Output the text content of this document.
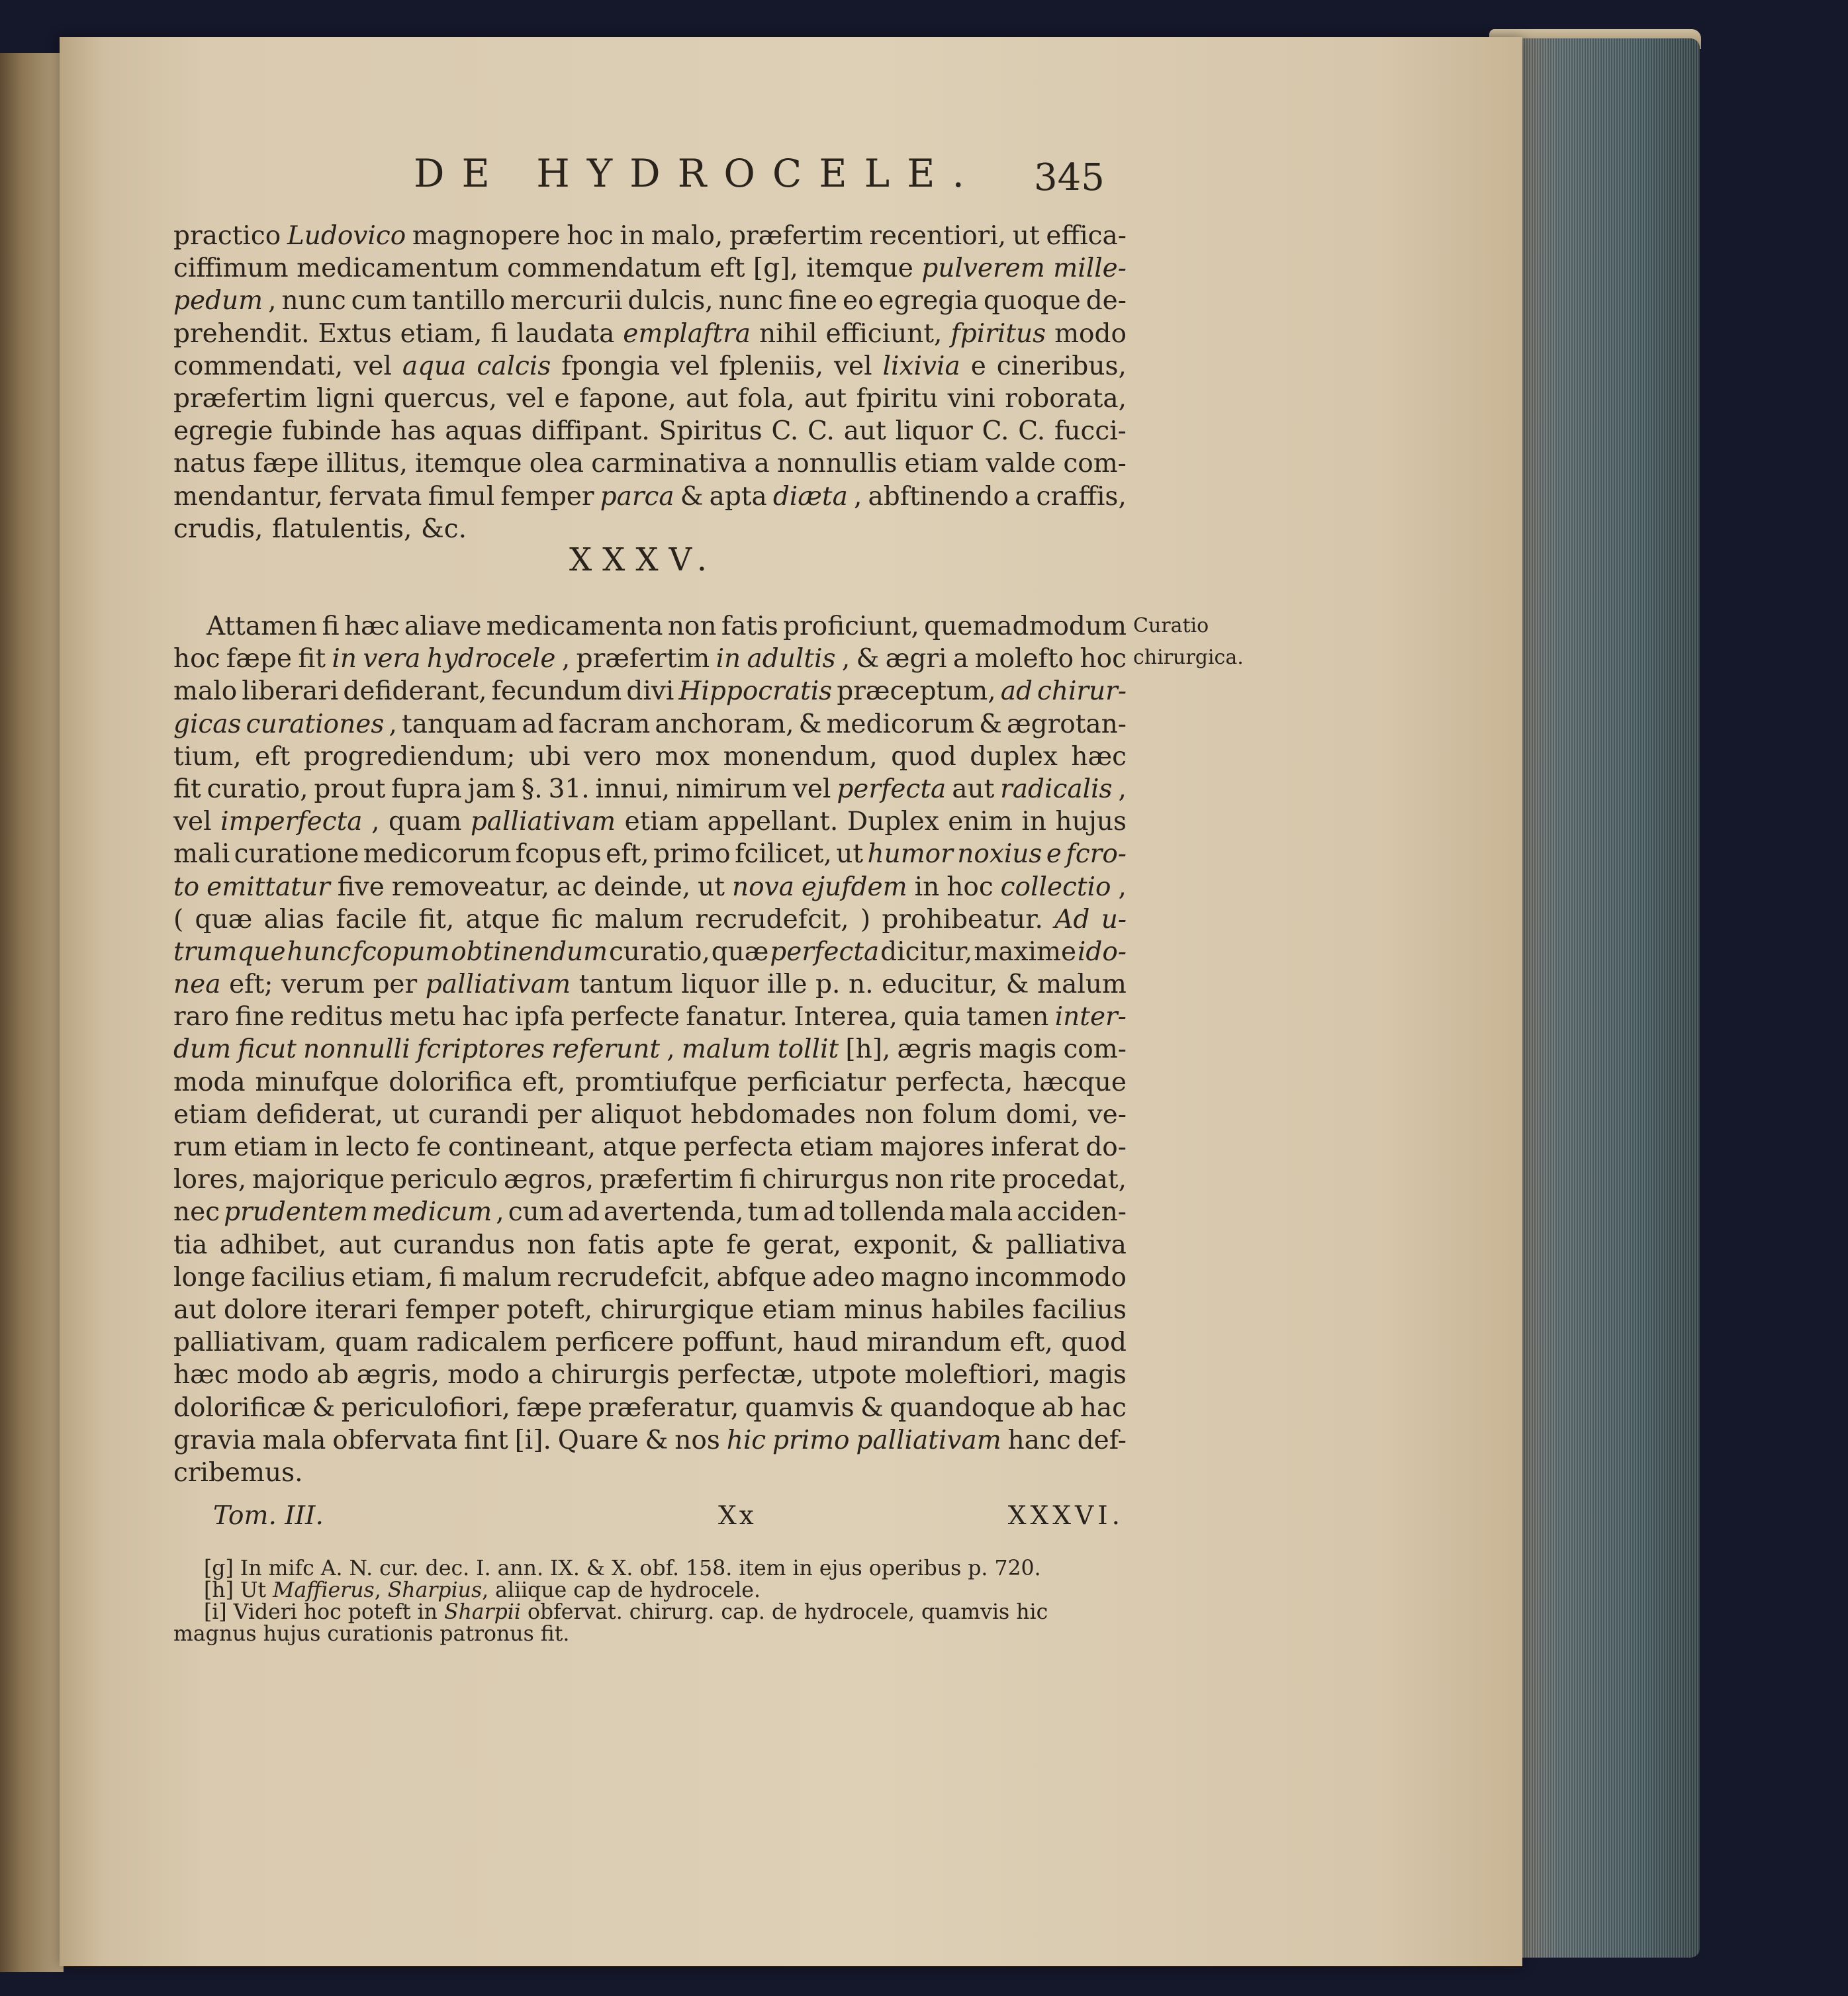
DE HYDROCELE. 345
practico Ludovico magnopere hoc in malo, præfertim recentiori, ut effica-
ciffimum medicamentum commendatum eft [g], itemque pulverem mille-
pedum , nunc cum tantillo mercurii dulcis, nunc fine eo egregia quoque de-
prehendit. Extus etiam, fi laudata emplaftra nihil efficiunt, fpiritus modo
commendati, vel aqua calcis fpongia vel fpleniis, vel lixivia e cineribus,
præfertim ligni quercus, vel e fapone, aut fola, aut fpiritu vini roborata,
egregie fubinde has aquas diffipant. Spiritus C. C. aut liquor C. C. fucci-
natus fæpe illitus, itemque olea carminativa a nonnullis etiam valde com-
mendantur, fervata fimul femper parca & apta diæta , abftinendo a craffis,
crudis, flatulentis, &c.
XXXV.
Curatio
chirurgica.
Attamen fi hæc aliave medicamenta non fatis proficiunt, quemadmodum
hoc fæpe fit in vera hydrocele , præfertim in adultis , & ægri a molefto hoc
malo liberari defiderant, fecundum divi Hippocratis præceptum, ad chirur-
gicas curationes , tanquam ad facram anchoram, & medicorum & ægrotan-
tium, eft progrediendum; ubi vero mox monendum, quod duplex hæc
fit curatio, prout fupra jam §. 31. innui, nimirum vel perfecta aut radicalis ,
vel imperfecta , quam palliativam etiam appellant. Duplex enim in hujus
mali curatione medicorum fcopus eft, primo fcilicet, ut humor noxius e fcro-
to emittatur five removeatur, ac deinde, ut nova ejufdem in hoc collectio ,
( quæ alias facile fit, atque fic malum recrudefcit, ) prohibeatur. Ad u-
trumque hunc fcopum obtinendum curatio, quæ perfecta dicitur, maxime ido-
nea eft; verum per palliativam tantum liquor ille p. n. educitur, & malum
raro fine reditus metu hac ipfa perfecte fanatur. Interea, quia tamen inter-
dum ficut nonnulli fcriptores referunt , malum tollit [h], ægris magis com-
moda minufque dolorifica eft, promtiufque perficiatur perfecta, hæcque
etiam defiderat, ut curandi per aliquot hebdomades non folum domi, ve-
rum etiam in lecto fe contineant, atque perfecta etiam majores inferat do-
lores, majorique periculo ægros, præfertim fi chirurgus non rite procedat,
nec prudentem medicum , cum ad avertenda, tum ad tollenda mala acciden-
tia adhibet, aut curandus non fatis apte fe gerat, exponit, & palliativa
longe facilius etiam, fi malum recrudefcit, abfque adeo magno incommodo
aut dolore iterari femper poteft, chirurgique etiam minus habiles facilius
palliativam, quam radicalem perficere poffunt, haud mirandum eft, quod
hæc modo ab ægris, modo a chirurgis perfectæ, utpote moleftiori, magis
dolorificæ & periculofiori, fæpe præferatur, quamvis & quandoque ab hac
gravia mala obfervata fint [i]. Quare & nos hic primo palliativam hanc def-
cribemus.
Tom. III.	Xx	XXXVI.
[g] In mifc A. N. cur. dec. I. ann. IX. & X. obf. 158. item in ejus operibus p. 720.
[h] Ut Maffierus, Sharpius, aliique cap de hydrocele.
[i] Videri hoc poteft in Sharpii obfervat. chirurg. cap. de hydrocele, quamvis hic
magnus hujus curationis patronus fit.
